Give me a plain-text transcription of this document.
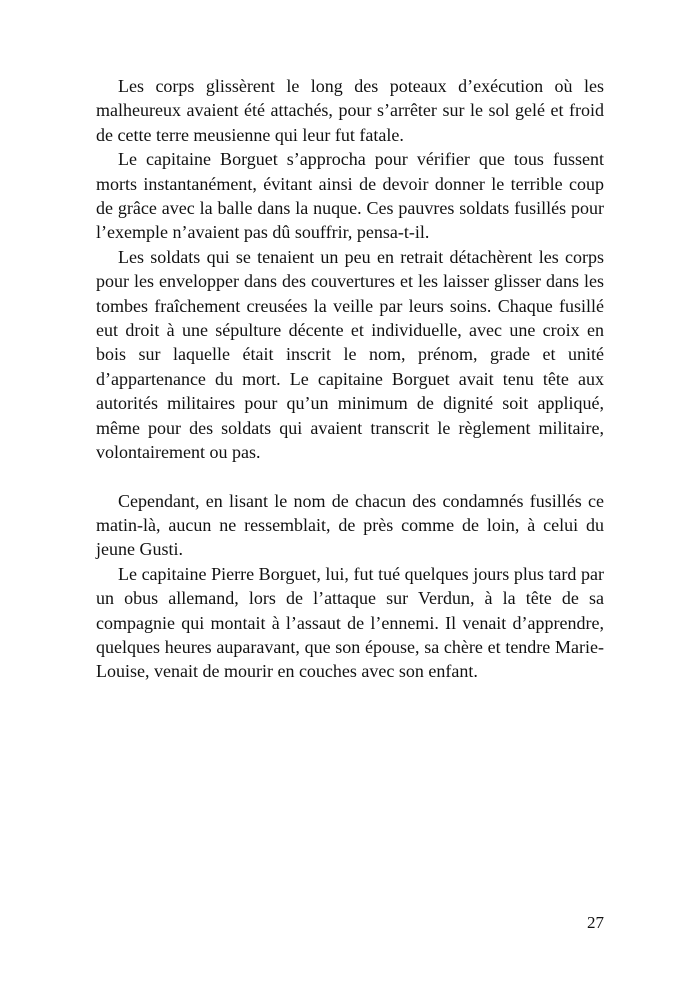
Les corps glissèrent le long des poteaux d’exécution où les malheureux avaient été attachés, pour s’arrêter sur le sol gelé et froid de cette terre meusienne qui leur fut fatale.

Le capitaine Borguet s’approcha pour vérifier que tous fussent morts instantanément, évitant ainsi de devoir donner le terrible coup de grâce avec la balle dans la nuque. Ces pauvres soldats fusillés pour l’exemple n’avaient pas dû souffrir, pensa-t-il.

Les soldats qui se tenaient un peu en retrait détachèrent les corps pour les envelopper dans des couvertures et les laisser glisser dans les tombes fraîchement creusées la veille par leurs soins. Chaque fusillé eut droit à une sépulture décente et individuelle, avec une croix en bois sur laquelle était inscrit le nom, prénom, grade et unité d’appartenance du mort. Le capitaine Borguet avait tenu tête aux autorités militaires pour qu’un minimum de dignité soit appliqué, même pour des soldats qui avaient transcrit le règlement militaire, volontairement ou pas.

Cependant, en lisant le nom de chacun des condamnés fusillés ce matin-là, aucun ne ressemblait, de près comme de loin, à celui du jeune Gusti.

Le capitaine Pierre Borguet, lui, fut tué quelques jours plus tard par un obus allemand, lors de l’attaque sur Verdun, à la tête de sa compagnie qui montait à l’assaut de l’ennemi. Il venait d’apprendre, quelques heures auparavant, que son épouse, sa chère et tendre Marie-Louise, venait de mourir en couches avec son enfant.

27
